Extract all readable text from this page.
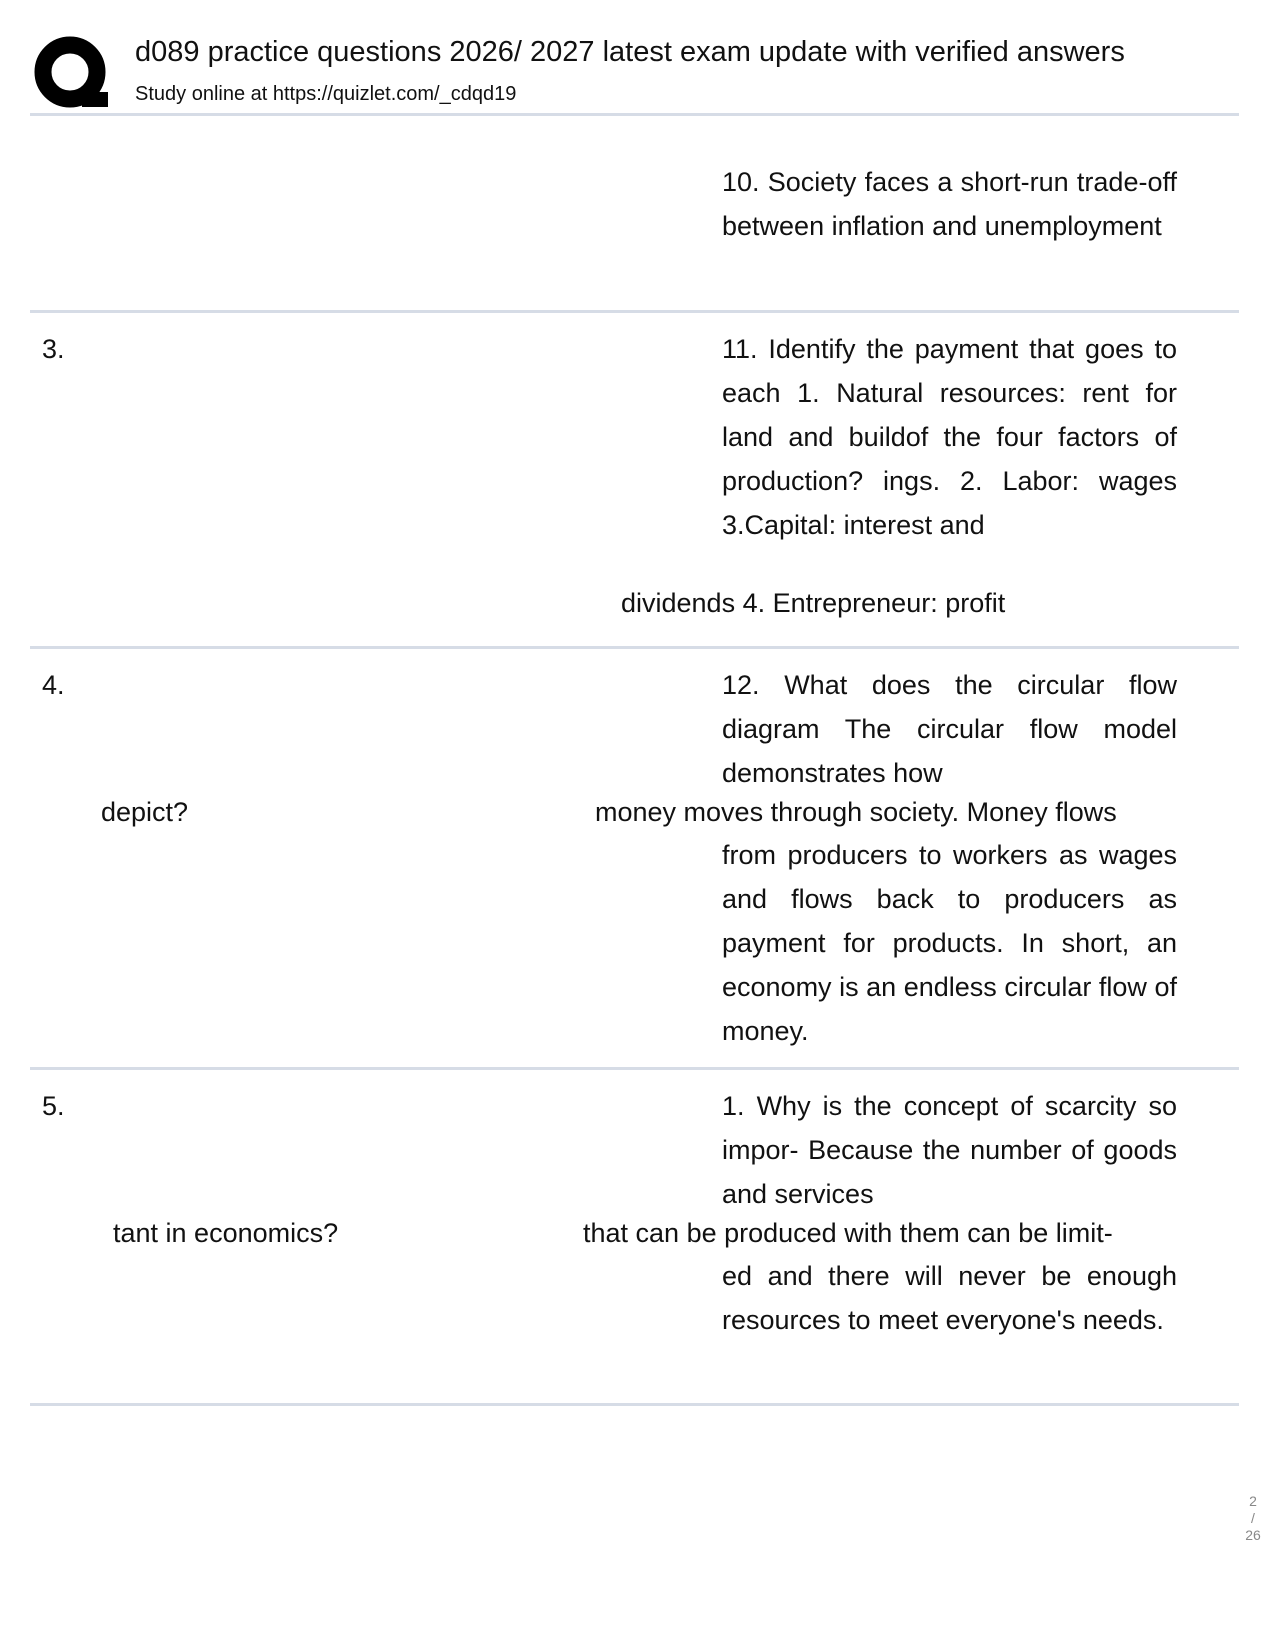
d089 practice questions 2026/ 2027 latest exam update with verified answers
Study online at https://quizlet.com/_cdqd19
10. Society faces a short-run trade-off between inflation and unemployment
3.	11. Identify the payment that goes to each 1. Natural resources: rent for land and buildof the four factors of production? ings. 2. Labor: wages 3.Capital: interest and
dividends 4. Entrepreneur: profit
4.	12. What does the circular flow diagram The circular flow model demonstrates how
depict?	money moves through society. Money flows
from producers to workers as wages and flows back to producers as payment for products. In short, an economy is an endless circular flow of money.
5.	1. Why is the concept of scarcity so impor- Because the number of goods and services
tant in economics?	that can be produced with them can be limit-
ed and there will never be enough resources to meet everyone's needs.
2
/
26
